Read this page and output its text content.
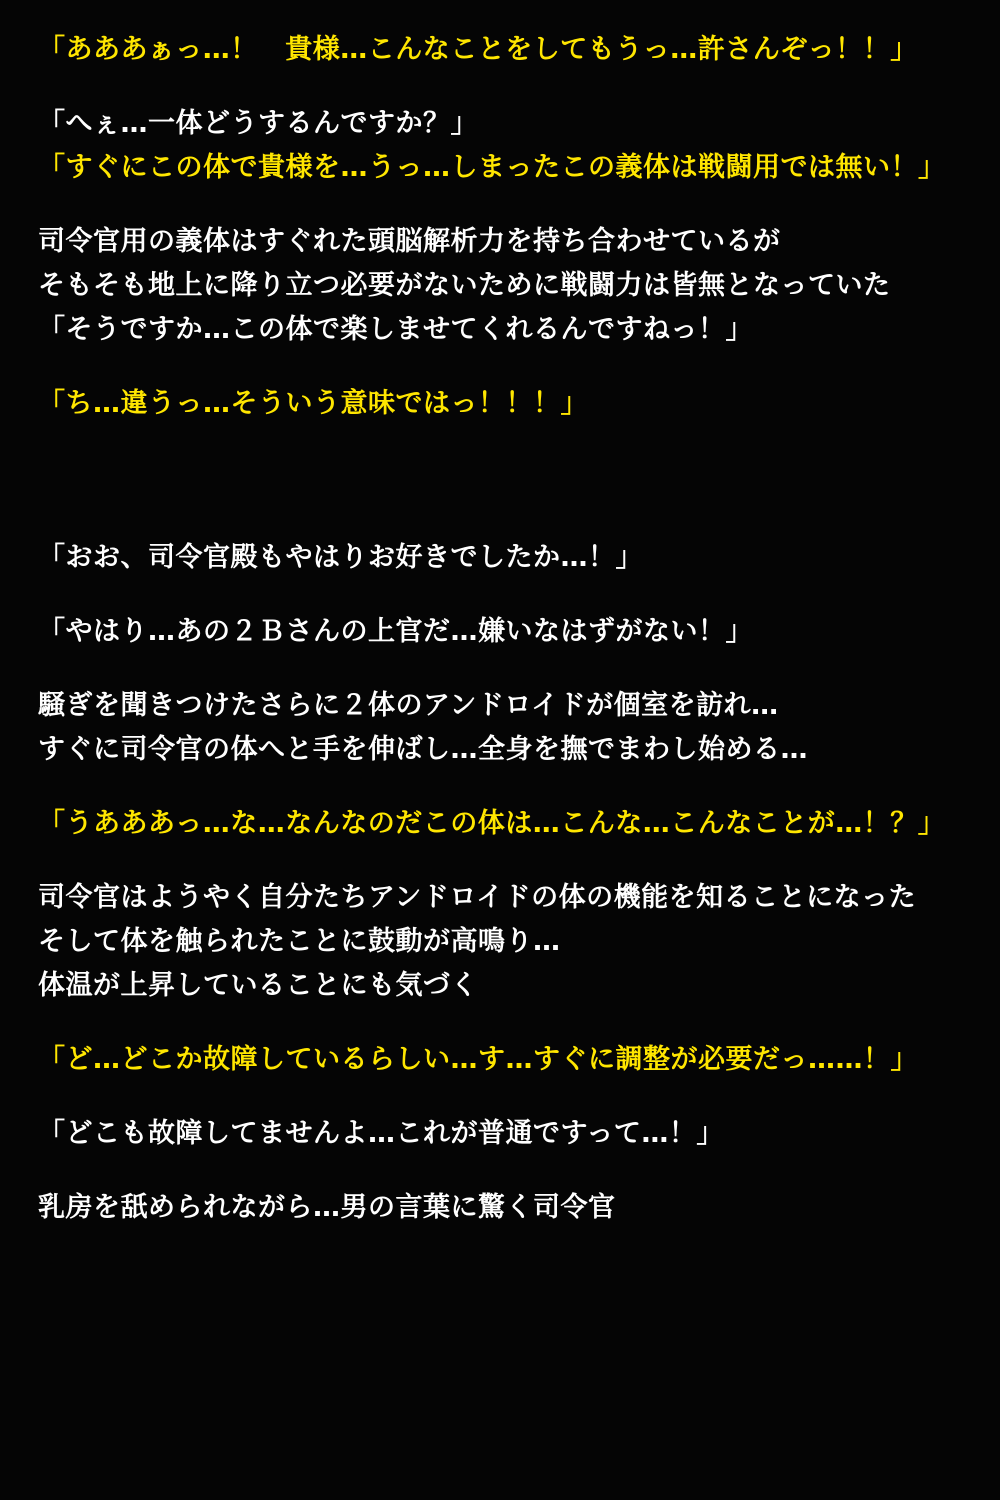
「あああぁっ…！　貴様…こんなことをしてもうっ…許さんぞっ！！」
「へぇ…一体どうするんですか？」
「すぐにこの体で貴様を…うっ…しまったこの義体は戦闘用では無い！」
司令官用の義体はすぐれた頭脳解析力を持ち合わせているが
そもそも地上に降り立つ必要がないために戦闘力は皆無となっていた
「そうですか…この体で楽しませてくれるんですねっ！」
「ち…違うっ…そういう意味ではっ！！！」
「おお、司令官殿もやはりお好きでしたか…！」
「やはり…あの２Ｂさんの上官だ…嫌いなはずがない！」
騒ぎを聞きつけたさらに２体のアンドロイドが個室を訪れ…
すぐに司令官の体へと手を伸ばし…全身を撫でまわし始める…
「うあああっ…な…なんなのだこの体は…こんな…こんなことが…！？」
司令官はようやく自分たちアンドロイドの体の機能を知ることになった
そして体を触られたことに鼓動が高鳴り…
体温が上昇していることにも気づく
「ど…どこか故障しているらしい…す…すぐに調整が必要だっ……！」
「どこも故障してませんよ…これが普通ですって…！」
乳房を舐められながら…男の言葉に驚く司令官
